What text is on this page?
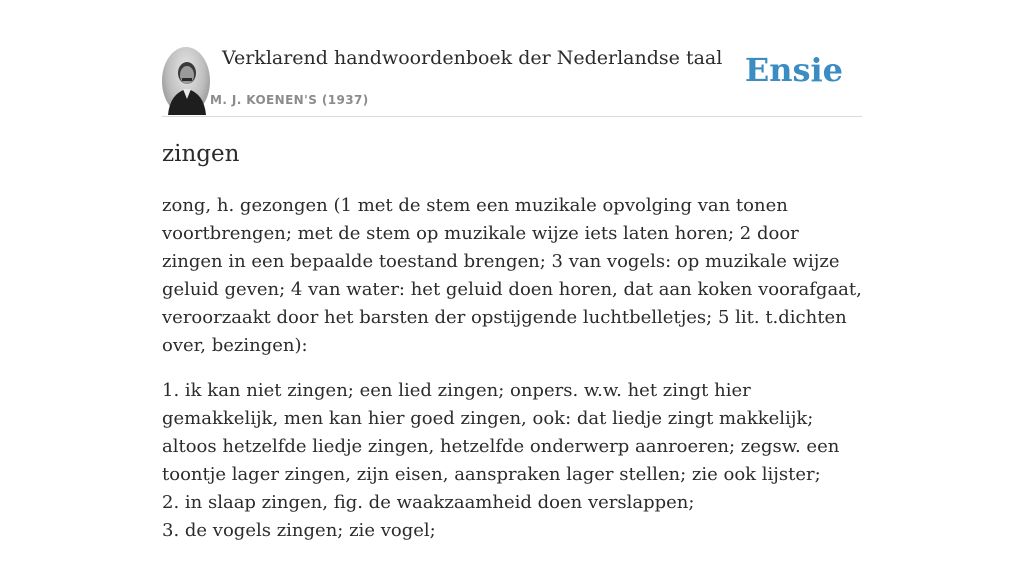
Verklarend handwoordenboek der Nederlandse taal
M. J. KOENEN'S (1937)
Ensie
zingen

zong, h. gezongen (1 met de stem een muzikale opvolging van tonen voortbrengen; met de stem op muzikale wijze iets laten horen; 2 door zingen in een bepaalde toestand brengen; 3 van vogels: op muzikale wijze geluid geven; 4 van water: het geluid doen horen, dat aan koken voorafgaat, veroorzaakt door het barsten der opstijgende luchtbelletjes; 5 lit. t.dichten over, bezingen):

1. ik kan niet zingen; een lied zingen; onpers. w.w. het zingt hier gemakkelijk, men kan hier goed zingen, ook: dat liedje zingt makkelijk; altoos hetzelfde liedje zingen, hetzelfde onderwerp aanroeren; zegsw. een toontje lager zingen, zijn eisen, aanspraken lager stellen; zie ook lijster;
2. in slaap zingen, fig. de waakzaamheid doen verslappen;
3. de vogels zingen; zie vogel;
